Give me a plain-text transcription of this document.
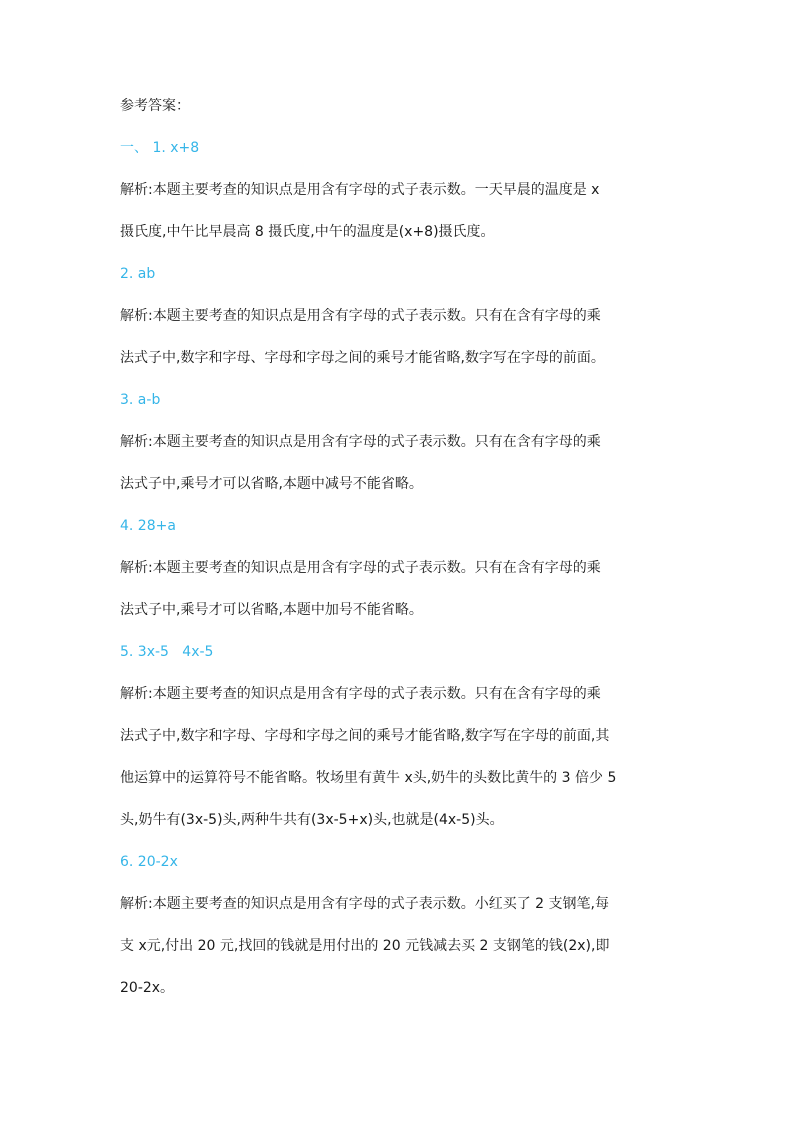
参考答案：
一、 1. x+8
解析:本题主要考查的知识点是用含有字母的式子表示数。一天早晨的温度是 x
摄氏度,中午比早晨高 8 摄氏度,中午的温度是(x+8)摄氏度。
2. ab
解析:本题主要考查的知识点是用含有字母的式子表示数。只有在含有字母的乘
法式子中,数字和字母、字母和字母之间的乘号才能省略,数字写在字母的前面。
3. a-b
解析:本题主要考查的知识点是用含有字母的式子表示数。只有在含有字母的乘
法式子中,乘号才可以省略,本题中减号不能省略。
4. 28+a
解析:本题主要考查的知识点是用含有字母的式子表示数。只有在含有字母的乘
法式子中,乘号才可以省略,本题中加号不能省略。
5. 3x-5   4x-5
解析:本题主要考查的知识点是用含有字母的式子表示数。只有在含有字母的乘
法式子中,数字和字母、字母和字母之间的乘号才能省略,数字写在字母的前面,其
他运算中的运算符号不能省略。牧场里有黄牛 x头,奶牛的头数比黄牛的 3 倍少 5
头,奶牛有(3x-5)头,两种牛共有(3x-5+x)头,也就是(4x-5)头。
6. 20-2x
解析:本题主要考查的知识点是用含有字母的式子表示数。小红买了 2 支钢笔,每
支 x元,付出 20 元,找回的钱就是用付出的 20 元钱减去买 2 支钢笔的钱(2x),即
20-2x。
